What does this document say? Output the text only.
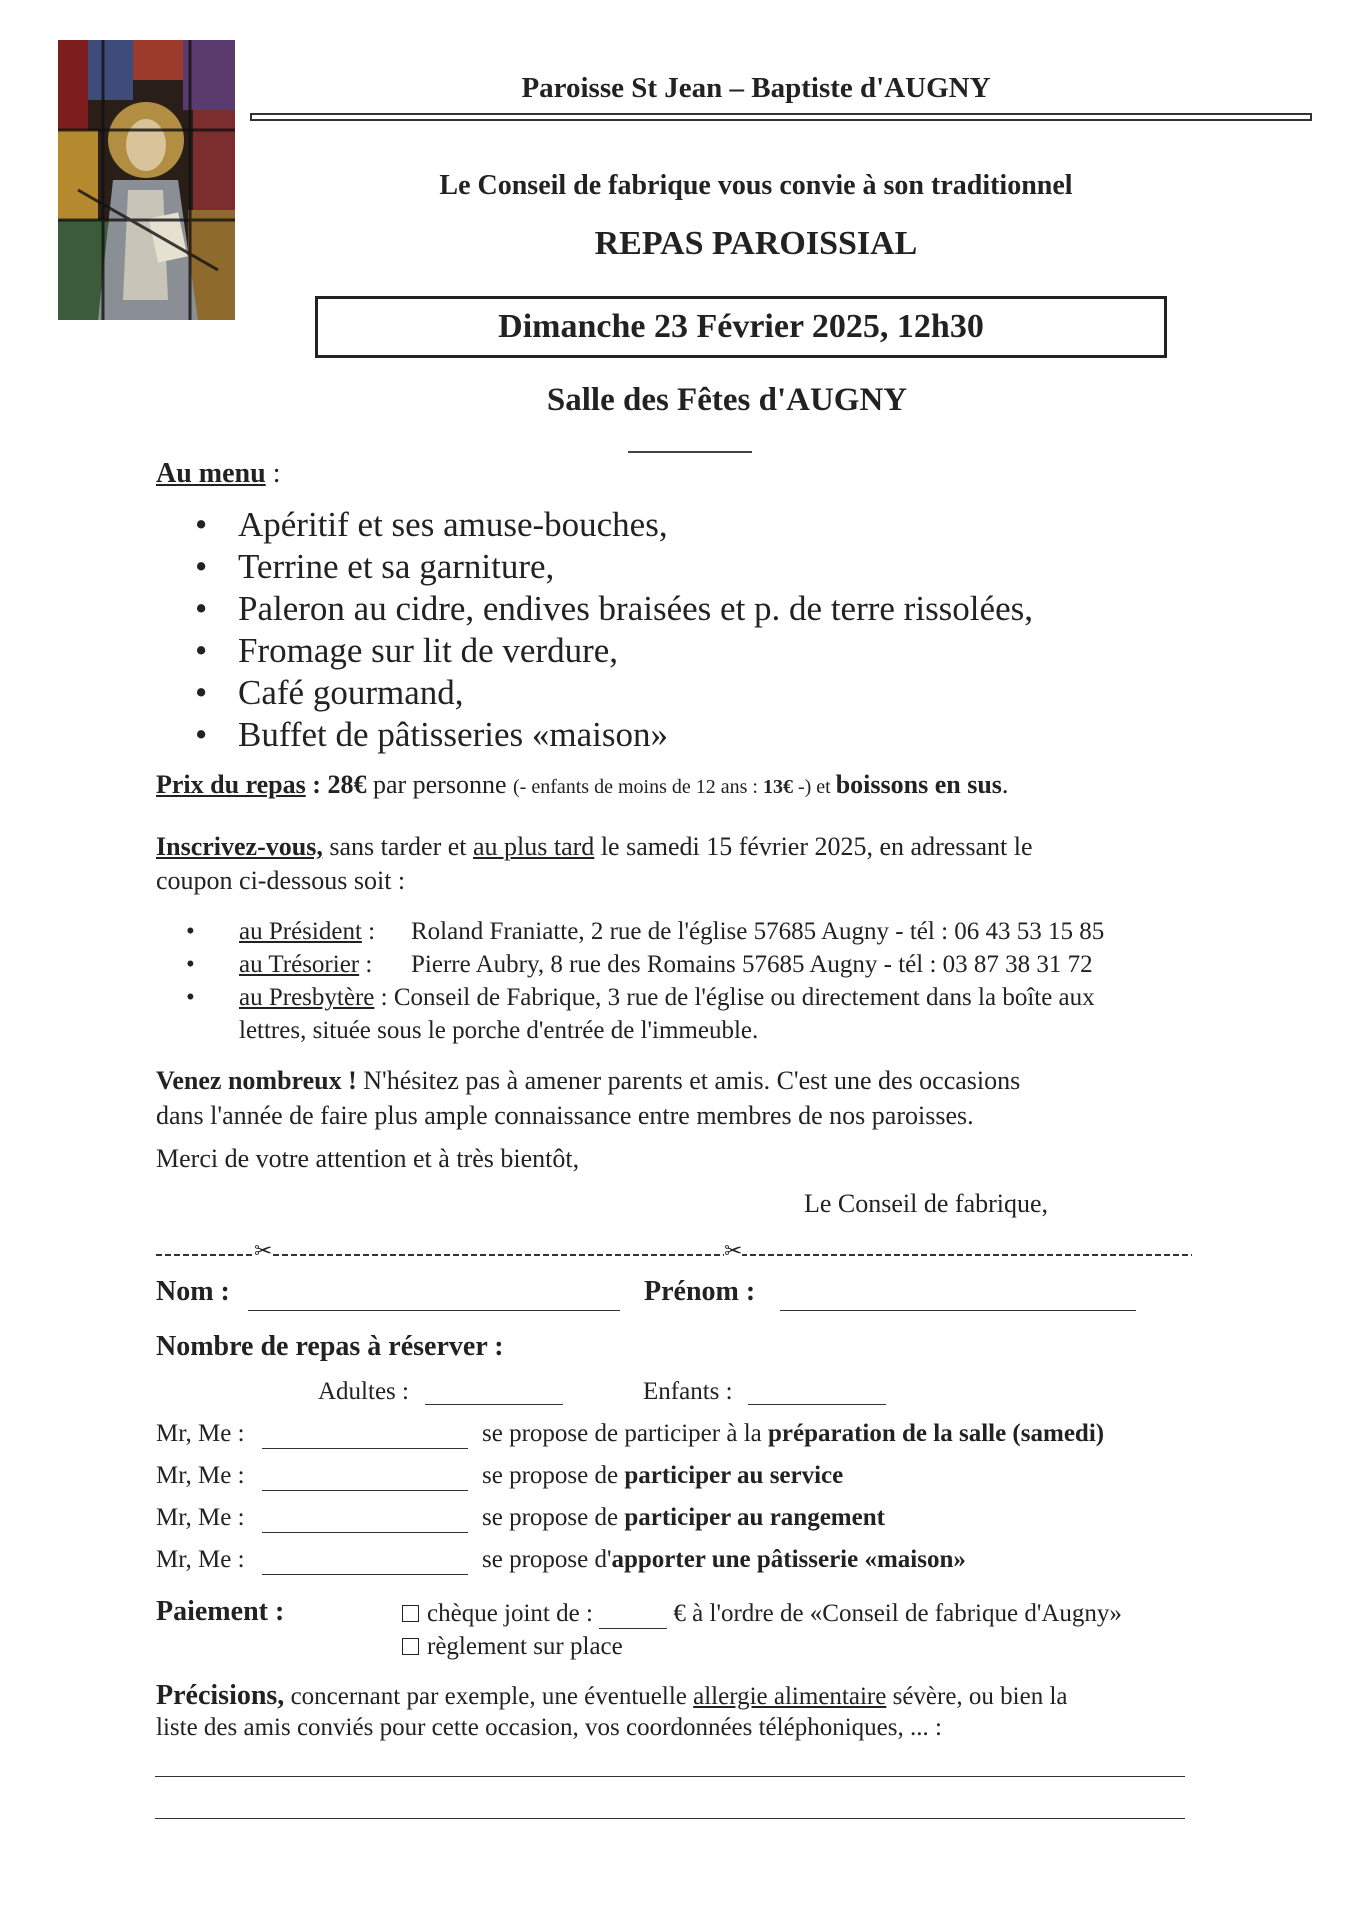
Paroisse St Jean – Baptiste d'AUGNY
Le Conseil de fabrique vous convie à son traditionnel
REPAS PAROISSIAL
Dimanche 23 Février 2025, 12h30
Salle des Fêtes d'AUGNY
Au menu :
• Apéritif et ses amuse-bouches,
• Terrine et sa garniture,
• Paleron au cidre, endives braisées et p. de terre rissolées,
• Fromage sur lit de verdure,
• Café gourmand,
• Buffet de pâtisseries «maison»
Prix du repas : 28€ par personne (- enfants de moins de 12 ans : 13€ -) et boissons en sus.
Inscrivez-vous, sans tarder et au plus tard le samedi 15 février 2025, en adressant le
coupon ci-dessous soit :
• au Président : Roland Franiatte, 2 rue de l'église 57685 Augny - tél : 06 43 53 15 85
• au Trésorier : Pierre Aubry, 8 rue des Romains 57685 Augny - tél : 03 87 38 31 72
• au Presbytère : Conseil de Fabrique, 3 rue de l'église ou directement dans la boîte aux
lettres, située sous le porche d'entrée de l'immeuble.
Venez nombreux ! N'hésitez pas à amener parents et amis. C'est une des occasions
dans l'année de faire plus ample connaissance entre membres de nos paroisses.
Merci de votre attention et à très bientôt,
Le Conseil de fabrique,
✂	✂
Nom :	Prénom :
Nombre de repas à réserver :
Adultes :	Enfants :
Mr, Me :	se propose de participer à la préparation de la salle (samedi)
Mr, Me :	se propose de participer au service
Mr, Me :	se propose de participer au rangement
Mr, Me :	se propose d'apporter une pâtisserie «maison»
Paiement :	chèque joint de :	€ à l'ordre de «Conseil de fabrique d'Augny»
règlement sur place
Précisions, concernant par exemple, une éventuelle allergie alimentaire sévère, ou bien la
liste des amis conviés pour cette occasion, vos coordonnées téléphoniques, ... :
